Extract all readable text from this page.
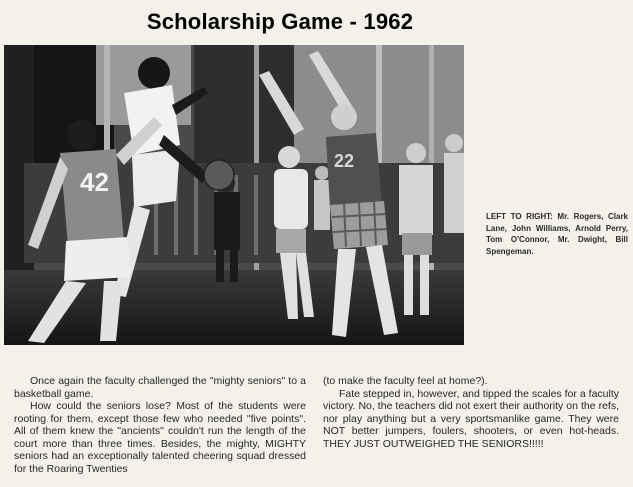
Scholarship Game - 1962
42
22
LEFT TO RIGHT: Mr. Rogers, Clark Lane, John Williams, Arnold Perry, Tom O'Connor, Mr. Dwight, Bill Spengeman.

Once again the faculty challenged the "mighty seniors" to a basketball game.

How could the seniors lose? Most of the students were rooting for them, except those few who needed "five points". All of them knew the "ancients" couldn't run the length of the court more than three times. Besides, the mighty, MIGHTY seniors had an exceptionally talented cheering squad dressed for the Roaring Twenties

(to make the faculty feel at home?).

Fate stepped in, however, and tipped the scales for a faculty victory. No, the teachers did not exert their authority on the refs, nor play anything but a very sportsmanlike game. They were NOT better jumpers, foulers, shooters, or even hot-heads. THEY JUST OUTWEIGHED THE SENIORS!!!!!
